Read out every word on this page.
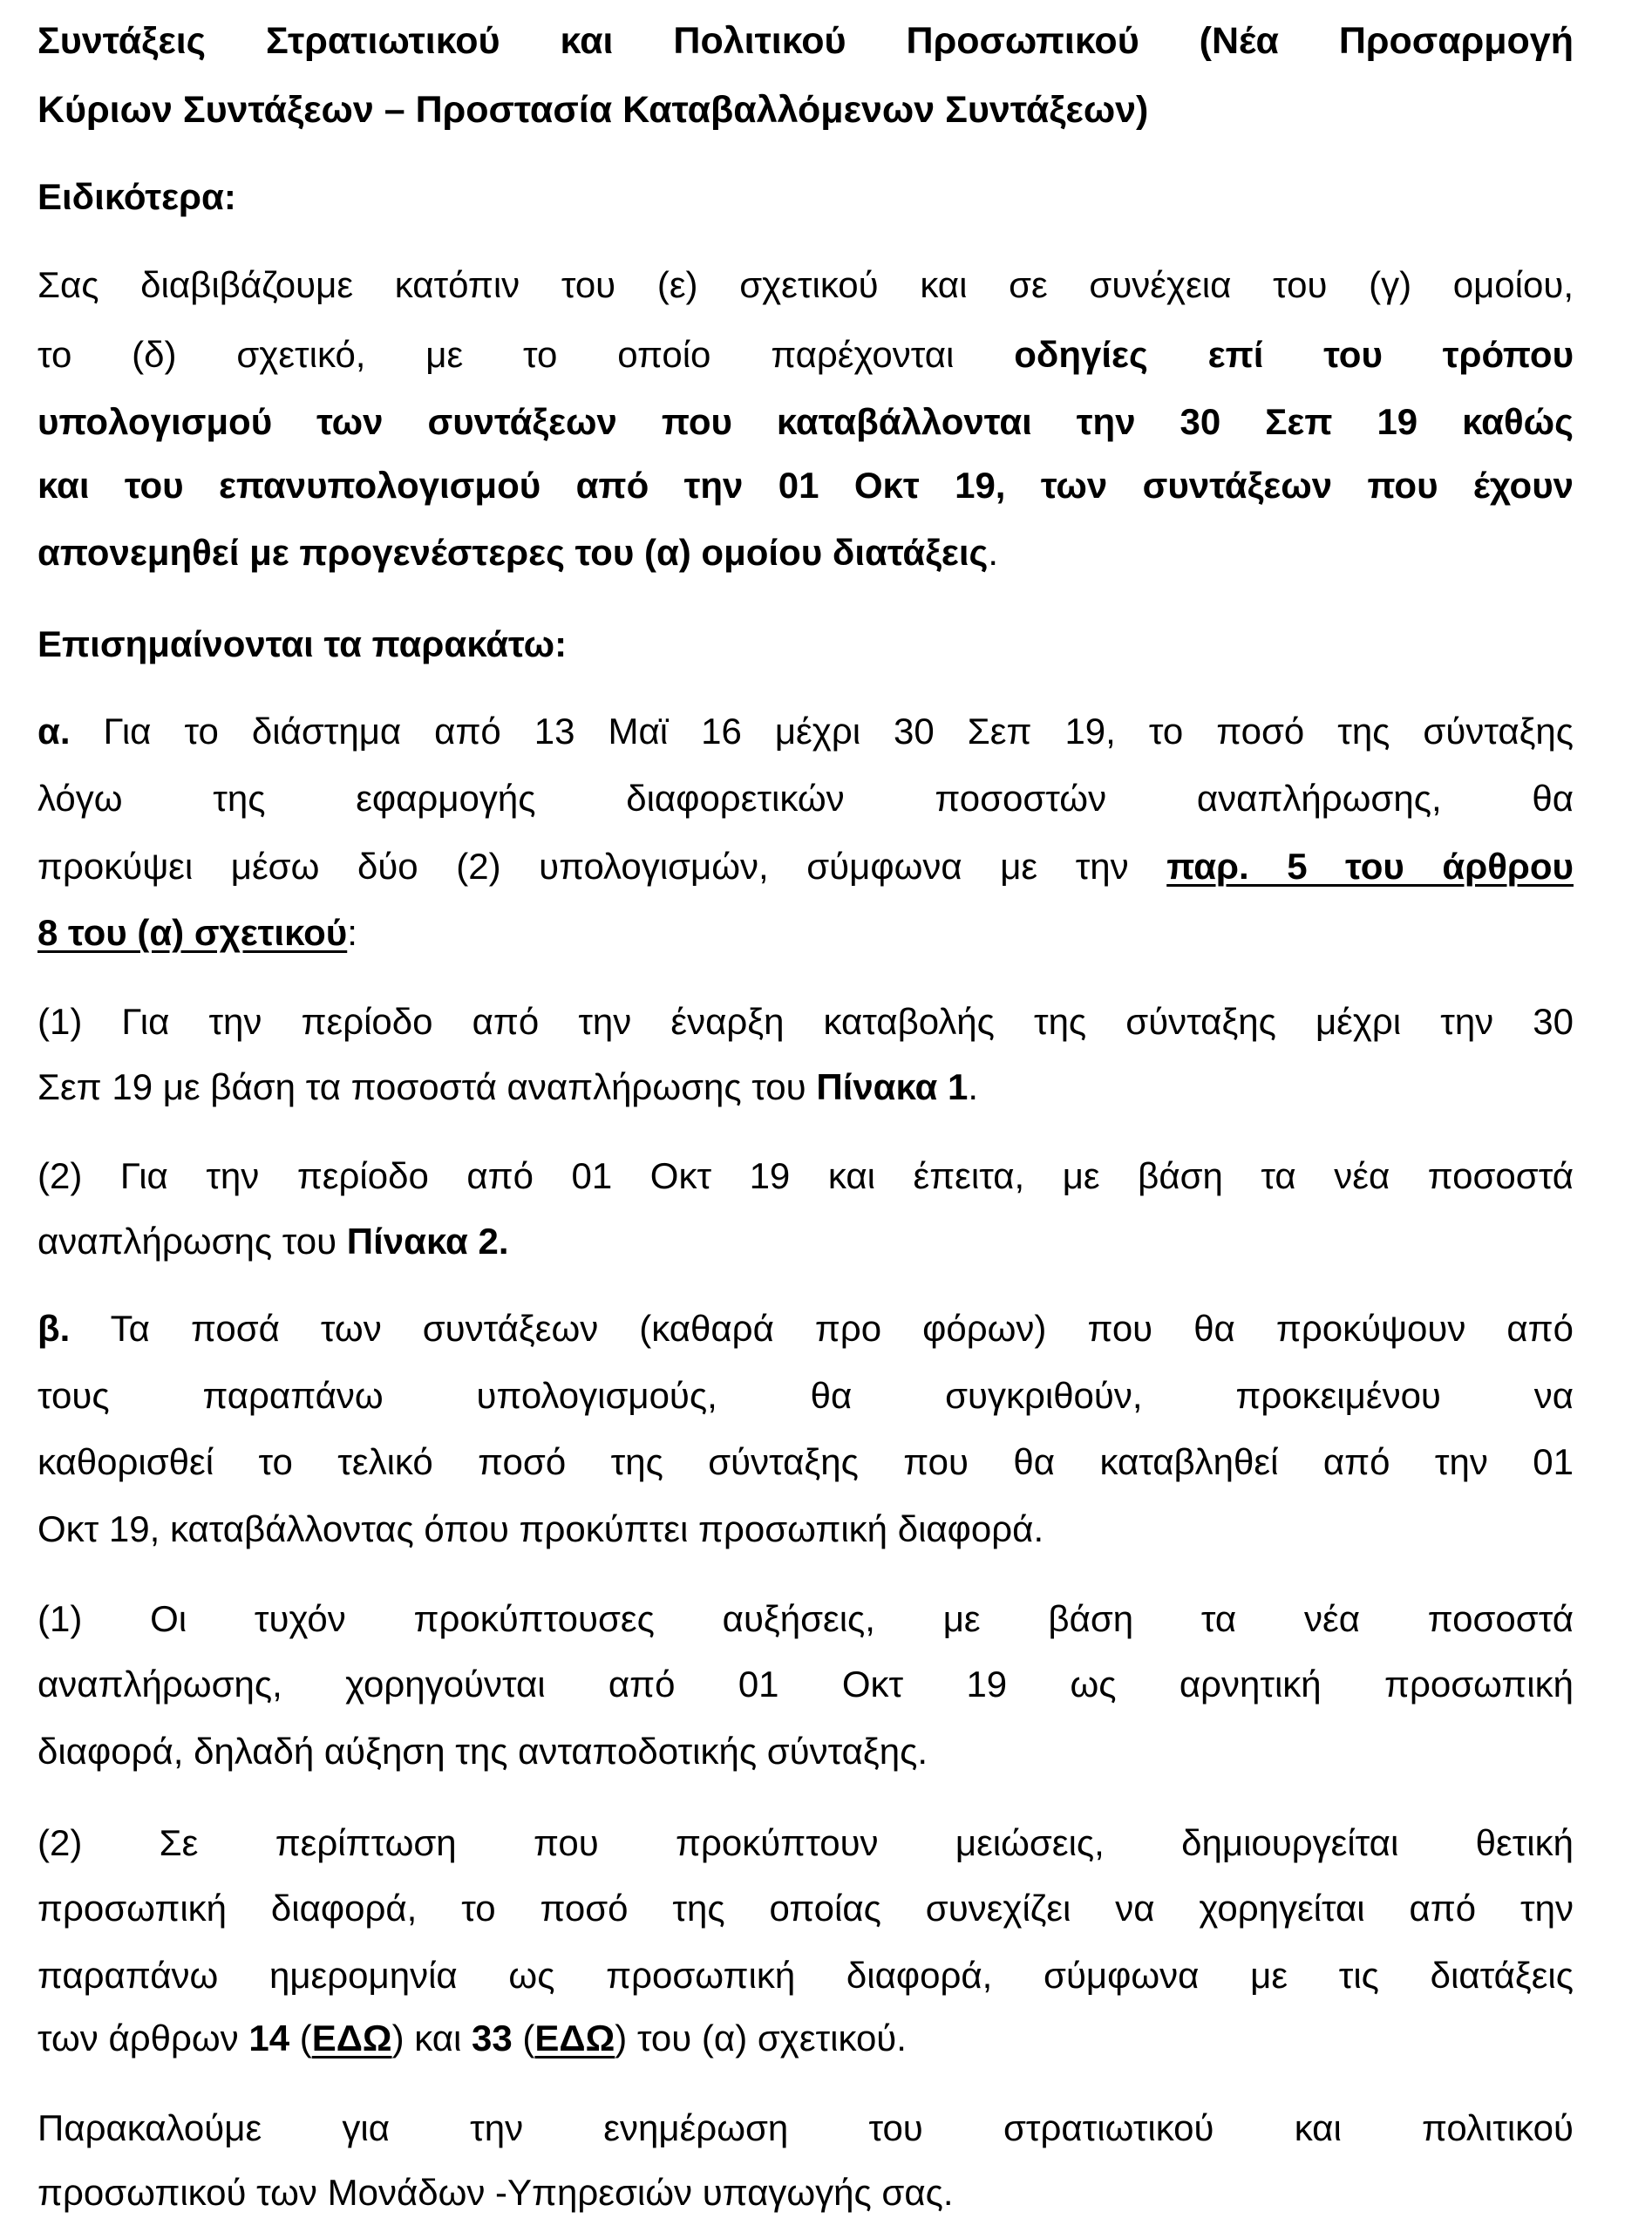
Συντάξεις Στρατιωτικού και Πολιτικού Προσωπικού (Νέα Προσαρμογή
Κύριων Συντάξεων – Προστασία Καταβαλλόμενων Συντάξεων)
Ειδικότερα:
Σας διαβιβάζουμε κατόπιν του (ε) σχετικού και σε συνέχεια του (γ) ομοίου,
το (δ) σχετικό, με το οποίο παρέχονται οδηγίες επί του τρόπου
υπολογισμού των συντάξεων που καταβάλλονται την 30 Σεπ 19 καθώς
και του επανυπολογισμού από την 01 Οκτ 19, των συντάξεων που έχουν
απονεμηθεί με προγενέστερες του (α) ομοίου διατάξεις.
Επισημαίνονται τα παρακάτω:
α. Για το διάστημα από 13 Μαϊ 16 μέχρι 30 Σεπ 19, το ποσό της σύνταξης
λόγω της εφαρμογής διαφορετικών ποσοστών αναπλήρωσης, θα
προκύψει μέσω δύο (2) υπολογισμών, σύμφωνα με την παρ. 5 του άρθρου
8 του (α) σχετικού:
(1) Για την περίοδο από την έναρξη καταβολής της σύνταξης μέχρι την 30
Σεπ 19 με βάση τα ποσοστά αναπλήρωσης του Πίνακα 1.
(2) Για την περίοδο από 01 Οκτ 19 και έπειτα, με βάση τα νέα ποσοστά
αναπλήρωσης του Πίνακα 2.
β. Τα ποσά των συντάξεων (καθαρά προ φόρων) που θα προκύψουν από
τους παραπάνω υπολογισμούς, θα συγκριθούν, προκειμένου να
καθορισθεί το τελικό ποσό της σύνταξης που θα καταβληθεί από την 01
Οκτ 19, καταβάλλοντας όπου προκύπτει προσωπική διαφορά.
(1) Οι τυχόν προκύπτουσες αυξήσεις, με βάση τα νέα ποσοστά
αναπλήρωσης, χορηγούνται από 01 Οκτ 19 ως αρνητική προσωπική
διαφορά, δηλαδή αύξηση της ανταποδοτικής σύνταξης.
(2) Σε περίπτωση που προκύπτουν μειώσεις, δημιουργείται θετική
προσωπική διαφορά, το ποσό της οποίας συνεχίζει να χορηγείται από την
παραπάνω ημερομηνία ως προσωπική διαφορά, σύμφωνα με τις διατάξεις
των άρθρων 14 (ΕΔΩ) και 33 (ΕΔΩ) του (α) σχετικού.
Παρακαλούμε για την ενημέρωση του στρατιωτικού και πολιτικού
προσωπικού των Μονάδων -Υπηρεσιών υπαγωγής σας.
